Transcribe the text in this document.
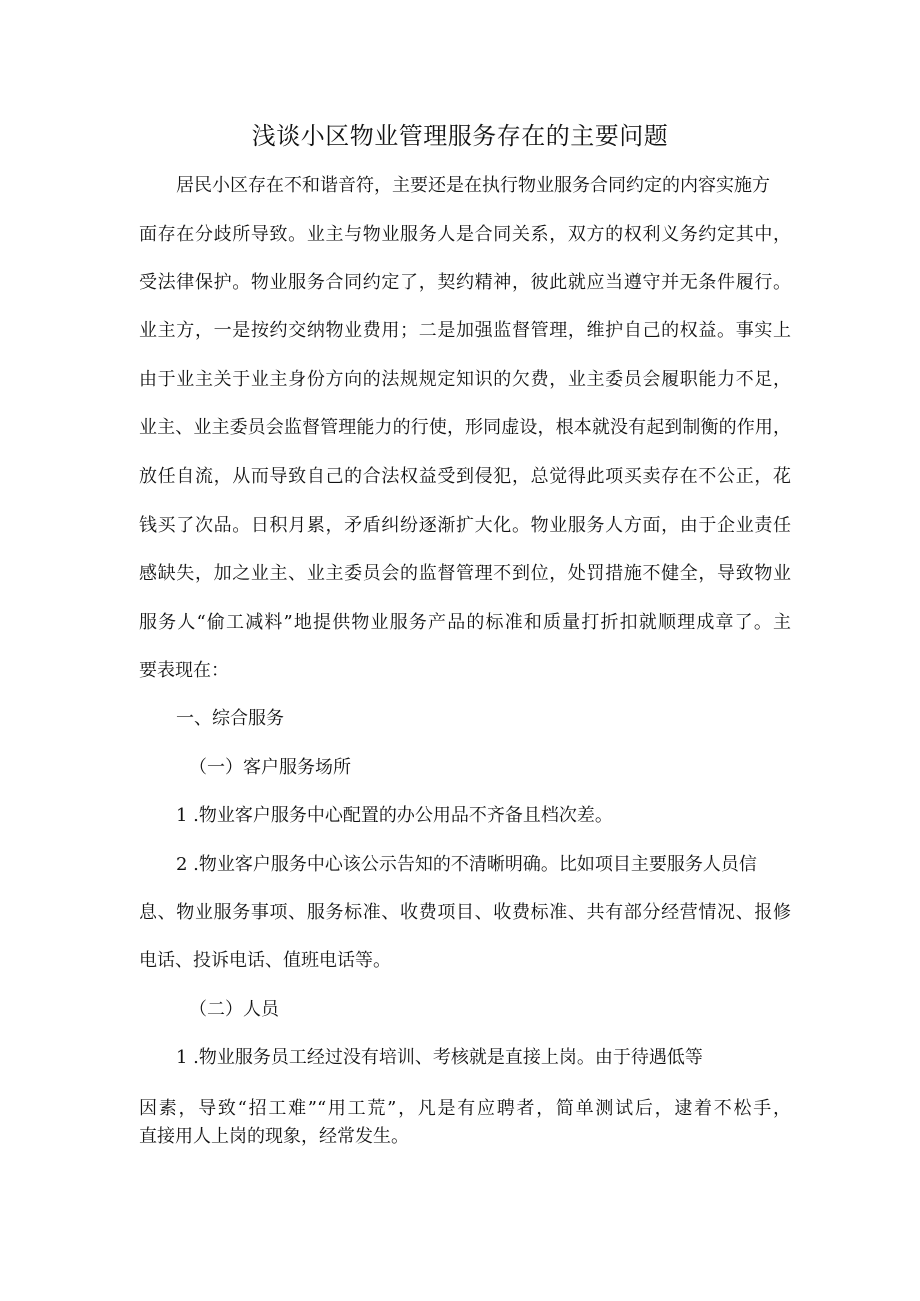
浅谈小区物业管理服务存在的主要问题
居民小区存在不和谐音符，主要还是在执行物业服务合同约定的内容实施方
面存在分歧所导致。业主与物业服务人是合同关系，双方的权利义务约定其中，
受法律保护。物业服务合同约定了，契约精神，彼此就应当遵守并无条件履行。
业主方，一是按约交纳物业费用；二是加强监督管理，维护自己的权益。事实上
由于业主关于业主身份方向的法规规定知识的欠费，业主委员会履职能力不足，
业主、业主委员会监督管理能力的行使，形同虚设，根本就没有起到制衡的作用，
放任自流，从而导致自己的合法权益受到侵犯，总觉得此项买卖存在不公正，花
钱买了次品。日积月累，矛盾纠纷逐渐扩大化。物业服务人方面，由于企业责任
感缺失，加之业主、业主委员会的监督管理不到位，处罚措施不健全，导致物业
服务人“偷工减料”地提供物业服务产品的标准和质量打折扣就顺理成章了。主
要表现在：
一、综合服务
（一）客户服务场所
1 .物业客户服务中心配置的办公用品不齐备且档次差。
2 .物业客户服务中心该公示告知的不清晰明确。比如项目主要服务人员信
息、物业服务事项、服务标准、收费项目、收费标准、共有部分经营情况、报修
电话、投诉电话、值班电话等。
（二）人员
1 .物业服务员工经过没有培训、考核就是直接上岗。由于待遇低等
因素，导致“招工难”“用工荒”，凡是有应聘者，简单测试后，逮着不松手，
直接用人上岗的现象，经常发生。
